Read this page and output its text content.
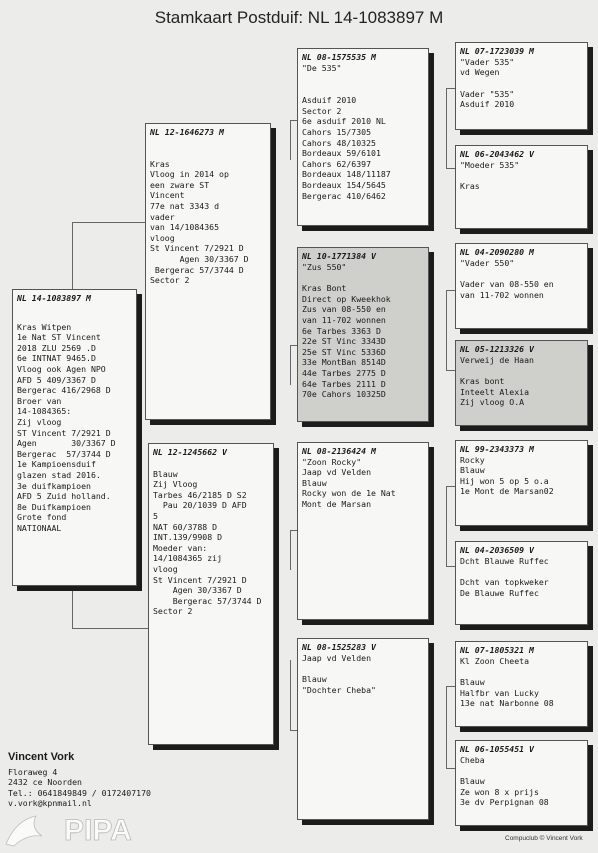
Stamkaart Postduif: NL 14-1083897 M
NL 14-1083897 M
Kras Witpen
1e Nat ST Vincent
2018 ZLU 2569 .D
6e INTNAT 9465.D
Vloog ook Agen NPO
AFD 5 409/3367 D
Bergerac 416/2968 D
Broer van
14-1084365:
Zij vloog
ST Vincent 7/2921 D
Agen       30/3367 D
Bergerac  57/3744 D
1e Kampioensduif
glazen stad 2016.
3e duifkampioen
AFD 5 Zuid holland.
8e Duifkampioen
Grote fond
NATIONAAL
NL 12-1646273 M
Kras
Vloog in 2014 op
een zware ST
Vincent
77e nat 3343 d
vader
van 14/1084365
vloog
St Vincent 7/2921 D
Agen 30/3367 D
Bergerac 57/3744 D
Sector 2
NL 12-1245662 V
Blauw
Zij Vloog
Tarbes 46/2185 D S2
Pau 20/1039 D AFD
5
NAT 60/3788 D
INT.139/9908 D
Moeder van:
14/1084365 zij
vloog
St Vincent 7/2921 D
Agen 30/3367 D
Bergerac 57/3744 D
Sector 2
NL 08-1575535 M
"De 535"
Asduif 2010
Sector 2
6e asduif 2010 NL
Cahors 15/7305
Cahors 48/10325
Bordeaux 59/6101
Cahors 62/6397
Bordeaux 148/11187
Bordeaux 154/5645
Bergerac 410/6462
NL 10-1771384 V
"Zus 550"
Kras Bont
Direct op Kweekhok
Zus van 08-550 en
van 11-702 wonnen
6e Tarbes 3363 D
22e ST Vinc 3343D
25e ST Vinc 5336D
33e MontBan 8514D
44e Tarbes 2775 D
64e Tarbes 2111 D
70e Cahors 10325D
NL 08-2136424 M
"Zoon Rocky"
Jaap vd Velden
Blauw
Rocky won de 1e Nat
Mont de Marsan
NL 08-1525283 V
Jaap vd Velden
Blauw
"Dochter Cheba"
NL 07-1723039 M
"Vader 535"
vd Wegen
Vader "535"
Asduif 2010
NL 06-2043462 V
"Moeder 535"
Kras
NL 04-2090280 M
"Vader 550"
Vader van 08-550 en
van 11-702 wonnen
NL 05-1213326 V
Verweij de Haan
Kras bont
Inteelt Alexia
Zij vloog O.A
NL 99-2343373 M
Rocky
Blauw
Hij won 5 op 5 o.a
1e Mont de Marsan02
NL 04-2036509 V
Dcht Blauwe Ruffec
Dcht van topkweker
De Blauwe Ruffec
NL 07-1805321 M
Kl Zoon Cheeta
Blauw
Halfbr van Lucky
13e nat Narbonne 08
NL 06-1055451 V
Cheba
Blauw
Ze won 8 x prijs
3e dv Perpignan 08
Vincent Vork
Floraweg 4
2432 ce Noorden
Tel.: 0641849849 / 0172407170
v.vork@kpnmail.nl
PIPA	Compuclub © Vincent Vork
